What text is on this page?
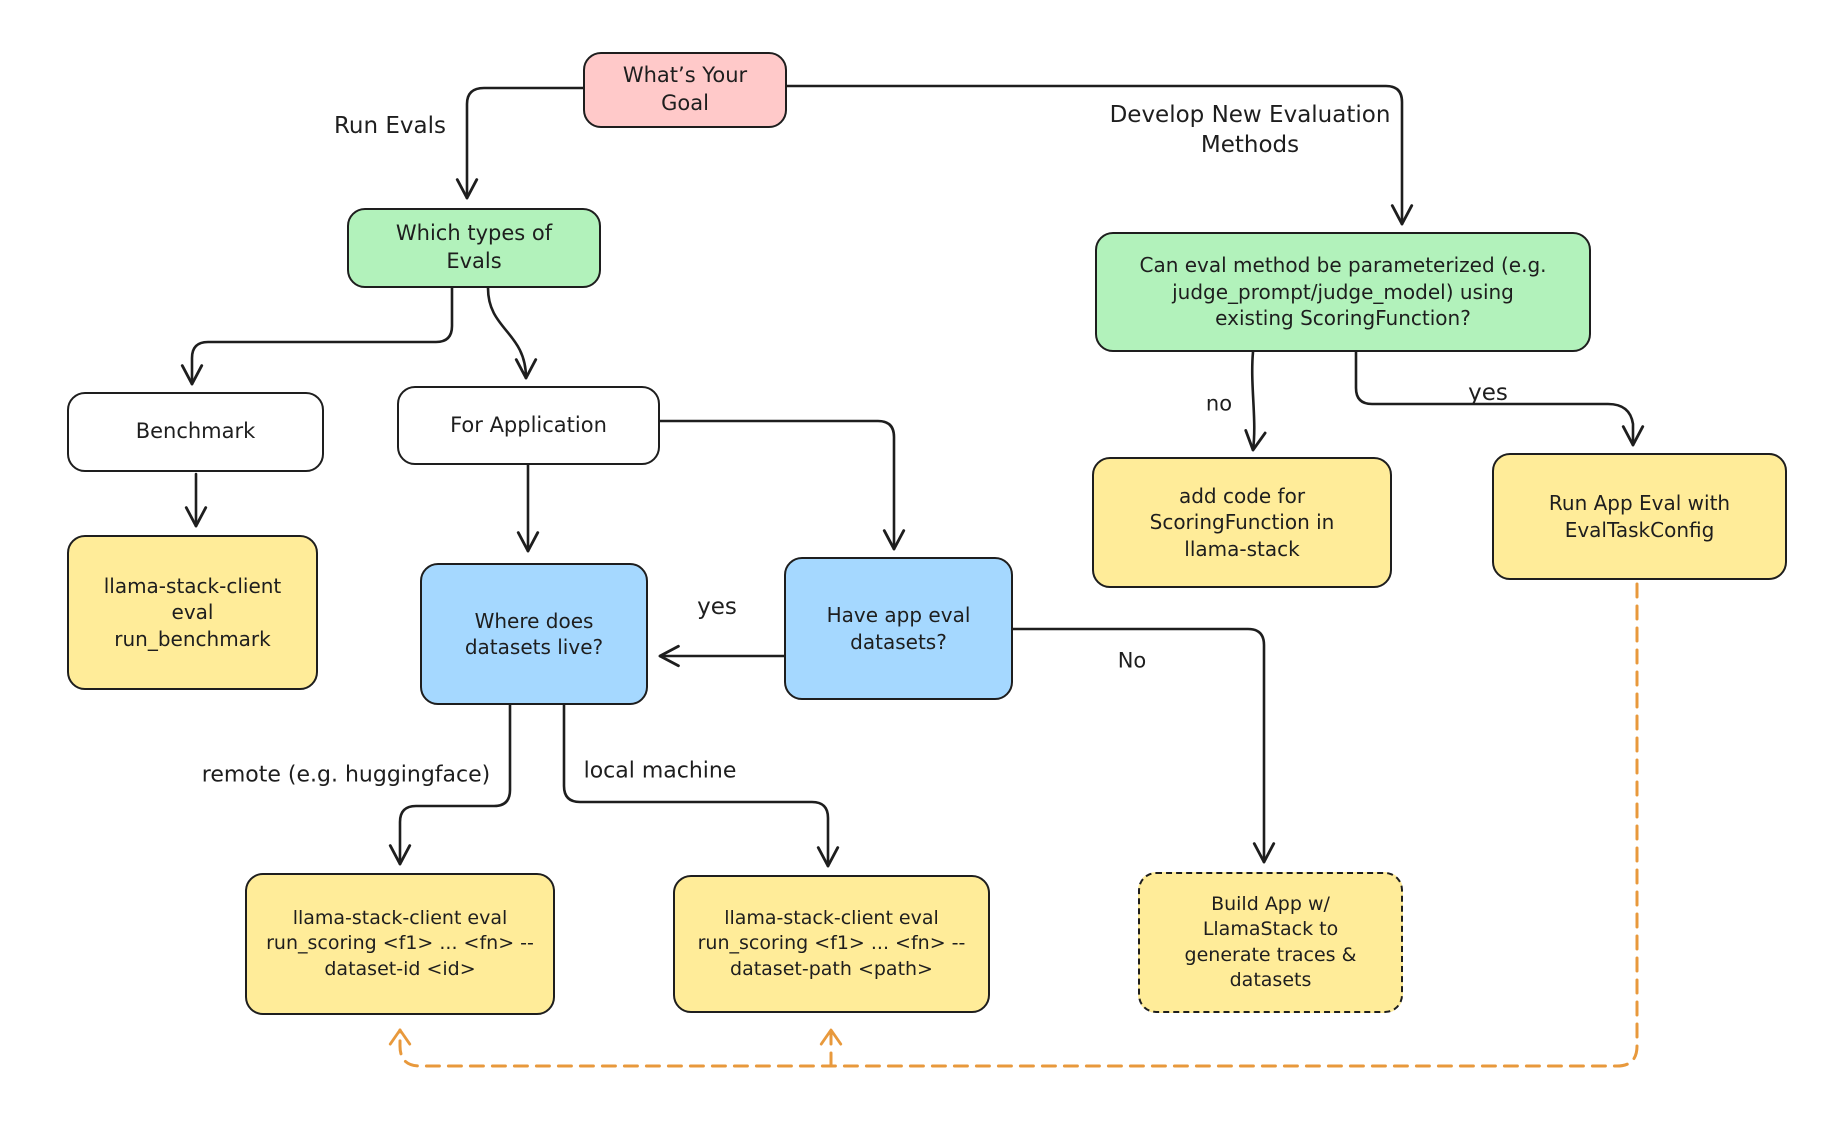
What’s Your Goal
Which types of Evals
Benchmark	For Application
llama-stack-client eval run_benchmark
Where does datasets live?
Have app eval datasets?
Can eval method be parameterized (e.g. judge_prompt/judge_model) using existing ScoringFunction?
add code for ScoringFunction in llama-stack
Run App Eval with EvalTaskConfig
llama-stack-client eval run_scoring <f1> ... <fn> --dataset-id <id>
llama-stack-client eval run_scoring <f1> ... <fn> --dataset-path <path>
Build App w/ LlamaStack to generate traces & datasets
Run Evals	Develop New Evaluation Methods
no	yes
yes
No
remote (e.g. huggingface)	local machine
